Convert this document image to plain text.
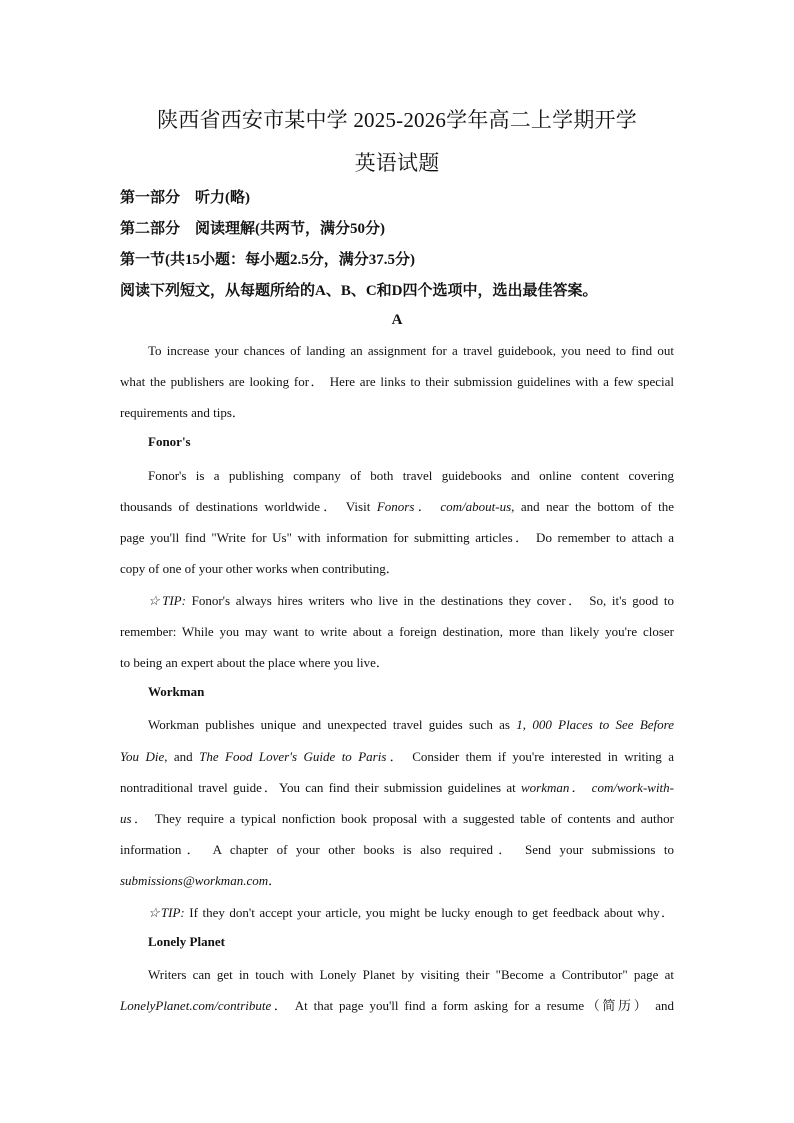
陕西省西安市某中学 2025-2026学年高二上学期开学
英语试题
第一部分　听力(略)
第二部分　阅读理解(共两节，满分50分)
第一节(共15小题：每小题2.5分，满分37.5分)
阅读下列短文，从每题所给的A、B、C和D四个选项中，选出最佳答案。
A
To increase your chances of landing an assignment for a travel guidebook, you need to find out
what the publishers are looking for． Here are links to their submission guidelines with a few special
requirements and tips．
Fonor's
Fonor's is a publishing company of both travel guidebooks and online content covering
thousands of destinations worldwide． Visit Fonors． com/about-us, and near the bottom of the
page you'll find "Write for Us" with information for submitting articles． Do remember to attach a
copy of one of your other works when contributing．
☆TIP: Fonor's always hires writers who live in the destinations they cover． So, it's good to
remember: While you may want to write about a foreign destination, more than likely you're closer
to being an expert about the place where you live．
Workman
Workman publishes unique and unexpected travel guides such as 1, 000 Places to See Before
You Die, and The Food Lover's Guide to Paris． Consider them if you're interested in writing a
nontraditional travel guide．You can find their submission guidelines at workman． com/work-with-
us． They require a typical nonfiction book proposal with a suggested table of contents and author
information． A chapter of your other books is also required． Send your submissions to
submissions@workman.com．
☆TIP: If they don't accept your article, you might be lucky enough to get feedback about why．
Lonely Planet
Writers can get in touch with Lonely Planet by visiting their "Become a Contributor" page at
LonelyPlanet.com/contribute． At that page you'll find a form asking for a resume（简历） and
